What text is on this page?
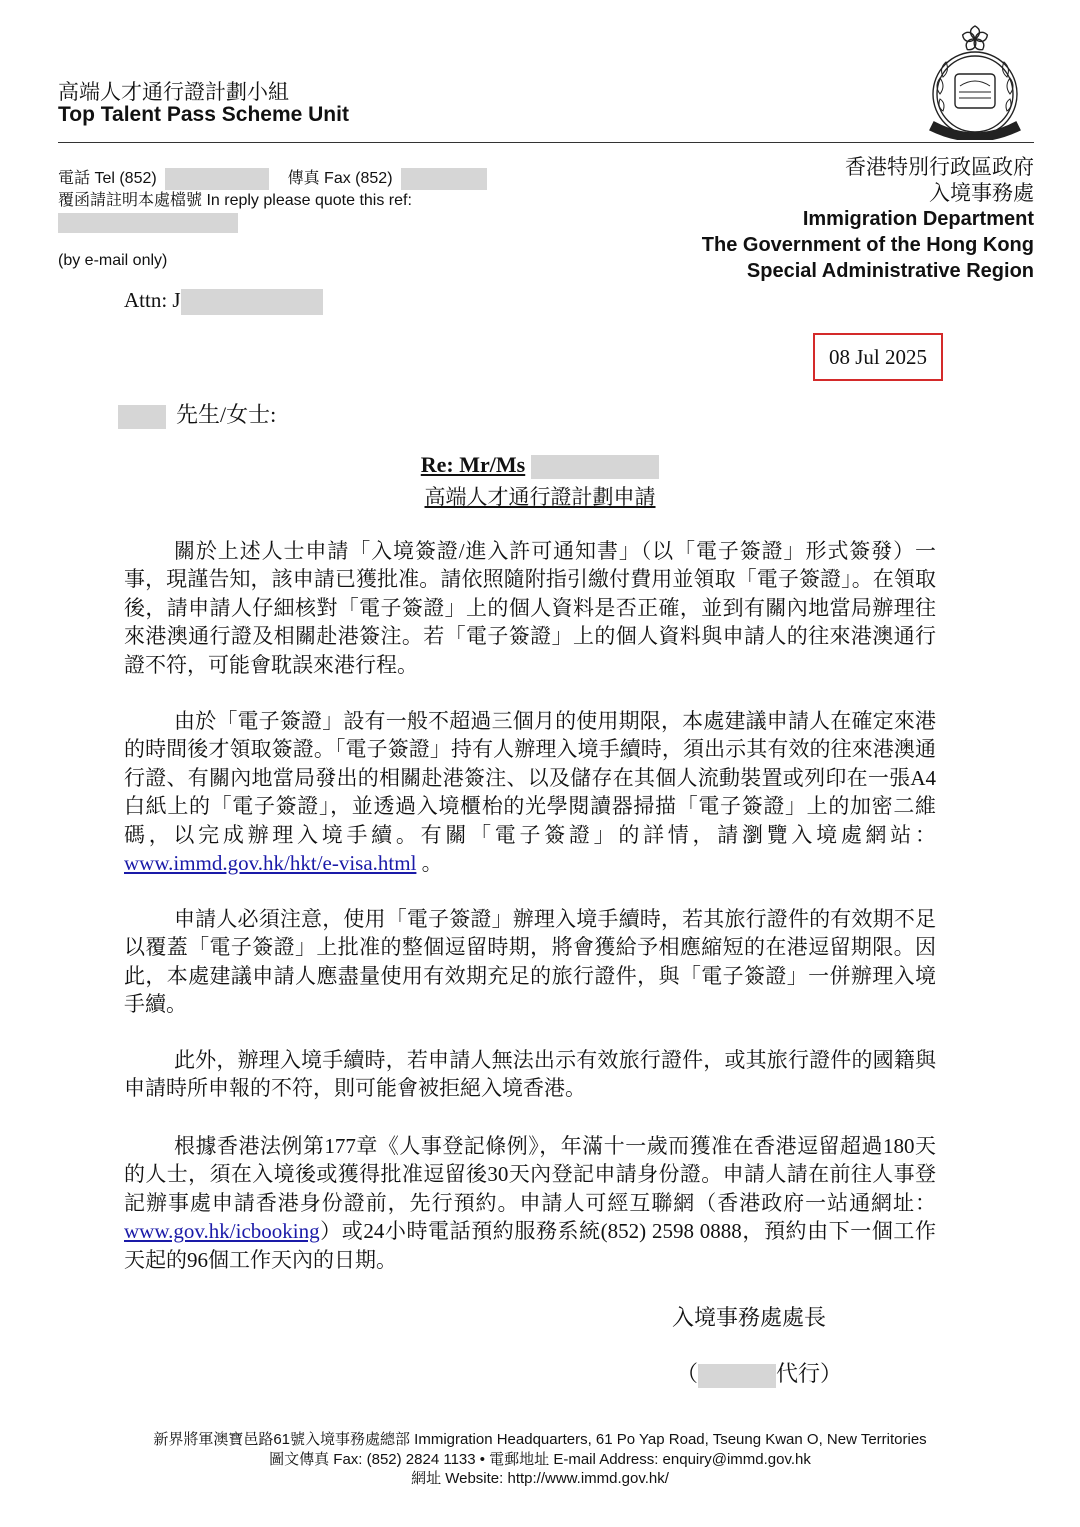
高端人才通行證計劃小組
Top Talent Pass Scheme Unit
電話 Tel (852)	傳真 Fax (852)
覆函請註明本處檔號 In reply please quote this ref:
(by e-mail only)
Attn: J
香港特別行政區政府
入境事務處
Immigration Department
The Government of the Hong Kong
Special Administrative Region
08 Jul 2025
先生/女士:
Re: Mr/Ms
高端人才通行證計劃申請
關於上述人士申請「入境簽證/進入許可通知書」（以「電子簽證」形式簽發）一事，現謹告知，該申請已獲批准。請依照隨附指引繳付費用並領取「電子簽證」。在領取後，請申請人仔細核對「電子簽證」上的個人資料是否正確，並到有關內地當局辦理往來港澳通行證及相關赴港簽注。若「電子簽證」上的個人資料與申請人的往來港澳通行證不符，可能會耽誤來港行程。
由於「電子簽證」設有一般不超過三個月的使用期限，本處建議申請人在確定來港的時間後才領取簽證。「電子簽證」持有人辦理入境手續時，須出示其有效的往來港澳通行證、有關內地當局發出的相關赴港簽注、以及儲存在其個人流動裝置或列印在一張A4白紙上的「電子簽證」，並透過入境櫃枱的光學閱讀器掃描「電子簽證」上的加密二維碼，以完成辦理入境手續。有關「電子簽證」的詳情，請瀏覽入境處網站：www.immd.gov.hk/hkt/e-visa.html 。
申請人必須注意，使用「電子簽證」辦理入境手續時，若其旅行證件的有效期不足以覆蓋「電子簽證」上批准的整個逗留時期，將會獲給予相應縮短的在港逗留期限。因此，本處建議申請人應盡量使用有效期充足的旅行證件，與「電子簽證」一併辦理入境手續。
此外，辦理入境手續時，若申請人無法出示有效旅行證件，或其旅行證件的國籍與申請時所申報的不符，則可能會被拒絕入境香港。
根據香港法例第177章《人事登記條例》，年滿十一歲而獲准在香港逗留超過180天的人士，須在入境後或獲得批准逗留後30天內登記申請身份證。申請人請在前往人事登記辦事處申請香港身份證前，先行預約。申請人可經互聯網（香港政府一站通網址：www.gov.hk/icbooking）或24小時電話預約服務系統(852) 2598 0888，預約由下一個工作天起的96個工作天內的日期。
入境事務處處長
（	代行）
新界將軍澳寶邑路61號入境事務處總部 Immigration Headquarters, 61 Po Yap Road, Tseung Kwan O, New Territories
圖文傳真 Fax: (852) 2824 1133 • 電郵地址 E-mail Address: enquiry@immd.gov.hk
網址 Website: http://www.immd.gov.hk/
